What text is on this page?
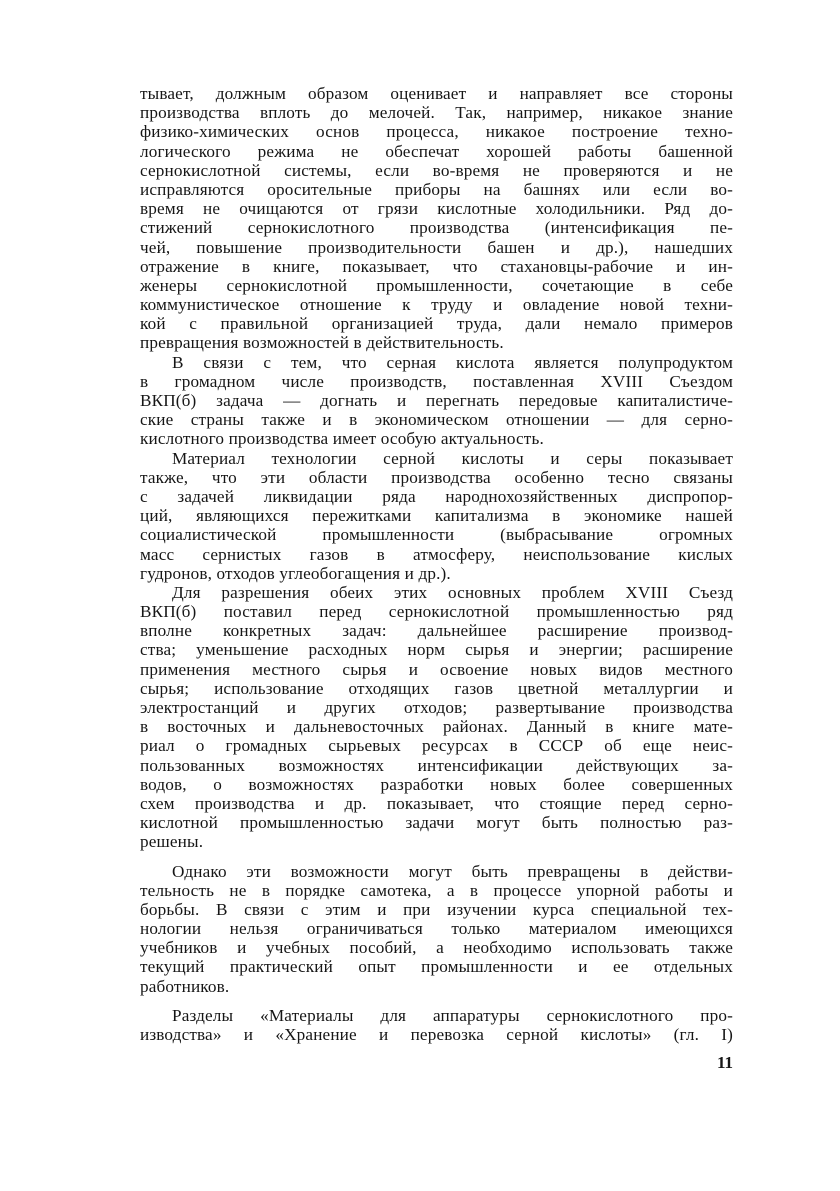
тывает, должным образом оценивает и направляет все стороны
производства вплоть до мелочей. Так, например, никакое знание
физико-химических основ процесса, никакое построение техно-
логического режима не обеспечат хорошей работы башенной
сернокислотной системы, если во-время не проверяются и не
исправляются оросительные приборы на башнях или если во-
время не очищаются от грязи кислотные холодильники. Ряд до-
стижений сернокислотного производства (интенсификация пе-
чей, повышение производительности башен и др.), нашедших
отражение в книге, показывает, что стахановцы-рабочие и ин-
женеры сернокислотной промышленности, сочетающие в себе
коммунистическое отношение к труду и овладение новой техни-
кой с правильной организацией труда, дали немало примеров
превращения возможностей в действительность.
В связи с тем, что серная кислота является полупродуктом
в громадном числе производств, поставленная XVIII Съездом
ВКП(б) задача — догнать и перегнать передовые капиталистиче-
ские страны также и в экономическом отношении — для серно-
кислотного производства имеет особую актуальность.
Материал технологии серной кислоты и серы показывает
также, что эти области производства особенно тесно связаны
с задачей ликвидации ряда народнохозяйственных диспропор-
ций, являющихся пережитками капитализма в экономике нашей
социалистической промышленности (выбрасывание огромных
масс сернистых газов в атмосферу, неиспользование кислых
гудронов, отходов углеобогащения и др.).
Для разрешения обеих этих основных проблем XVIII Съезд
ВКП(б) поставил перед сернокислотной промышленностью ряд
вполне конкретных задач: дальнейшее расширение производ-
ства; уменьшение расходных норм сырья и энергии; расширение
применения местного сырья и освоение новых видов местного
сырья; использование отходящих газов цветной металлургии и
электростанций и других отходов; развертывание производства
в восточных и дальневосточных районах. Данный в книге мате-
риал о громадных сырьевых ресурсах в СССР об еще неис-
пользованных возможностях интенсификации действующих за-
водов, о возможностях разработки новых более совершенных
схем производства и др. показывает, что стоящие перед серно-
кислотной промышленностью задачи могут быть полностью раз-
решены.
Однако эти возможности могут быть превращены в действи-
тельность не в порядке самотека, а в процессе упорной работы и
борьбы. В связи с этим и при изучении курса специальной тех-
нологии нельзя ограничиваться только материалом имеющихся
учебников и учебных пособий, а необходимо использовать также
текущий практический опыт промышленности и ее отдельных
работников.
Разделы «Материалы для аппаратуры сернокислотного про-
изводства» и «Хранение и перевозка серной кислоты» (гл. I)
11
